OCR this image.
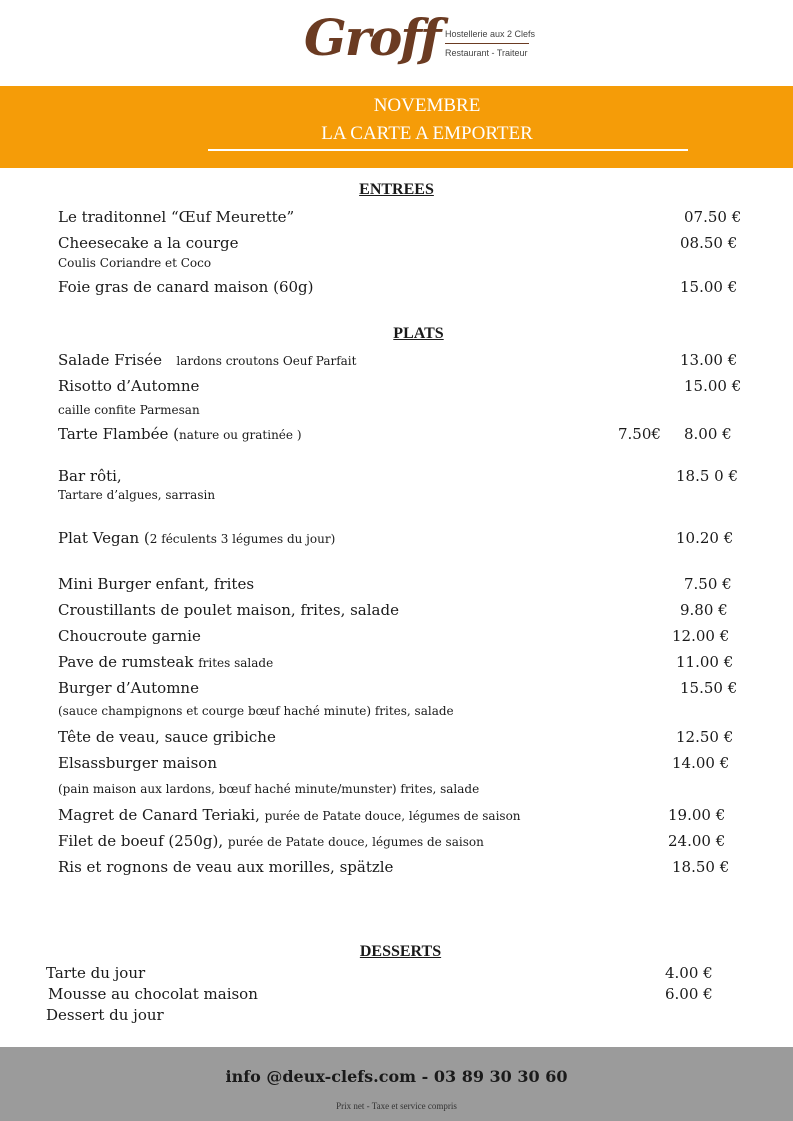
Groff Hostellerie aux 2 Clefs
Restaurant - Traiteur
NOVEMBRE
LA CARTE A EMPORTER
ENTREES
Le traditonnel “Œuf Meurette”	07.50 €
Cheesecake a la courge	08.50 €
Coulis Coriandre et Coco
Foie gras de canard maison (60g)	15.00 €
PLATS
Salade Frisée lardons croutons Oeuf Parfait	13.00 €
Risotto d’Automne	15.00 €
caille confite Parmesan
Tarte Flambée (nature ou gratinée )	7.50€ 8.00 €
Bar rôti,	18.5 0 €
Tartare d’algues, sarrasin
Plat Vegan (2 féculents 3 légumes du jour)	10.20 €
Mini Burger enfant, frites	7.50 €
Croustillants de poulet maison, frites, salade	9.80 €
Choucroute garnie	12.00 €
Pave de rumsteak frites salade	11.00 €
Burger d’Automne	15.50 €
(sauce champignons et courge bœuf haché minute) frites, salade
Tête de veau, sauce gribiche	12.50 €
Elsassburger maison	14.00 €
(pain maison aux lardons, bœuf haché minute/munster) frites, salade
Magret de Canard Teriaki, purée de Patate douce, légumes de saison	19.00 €
Filet de boeuf (250g), purée de Patate douce, légumes de saison	24.00 €
Ris et rognons de veau aux morilles, spätzle	18.50 €
DESSERTS
Tarte du jour	4.00 €
Mousse au chocolat maison	6.00 €
Dessert du jour
info @deux-clefs.com - 03 89 30 30 60
Prix net - Taxe et service compris
